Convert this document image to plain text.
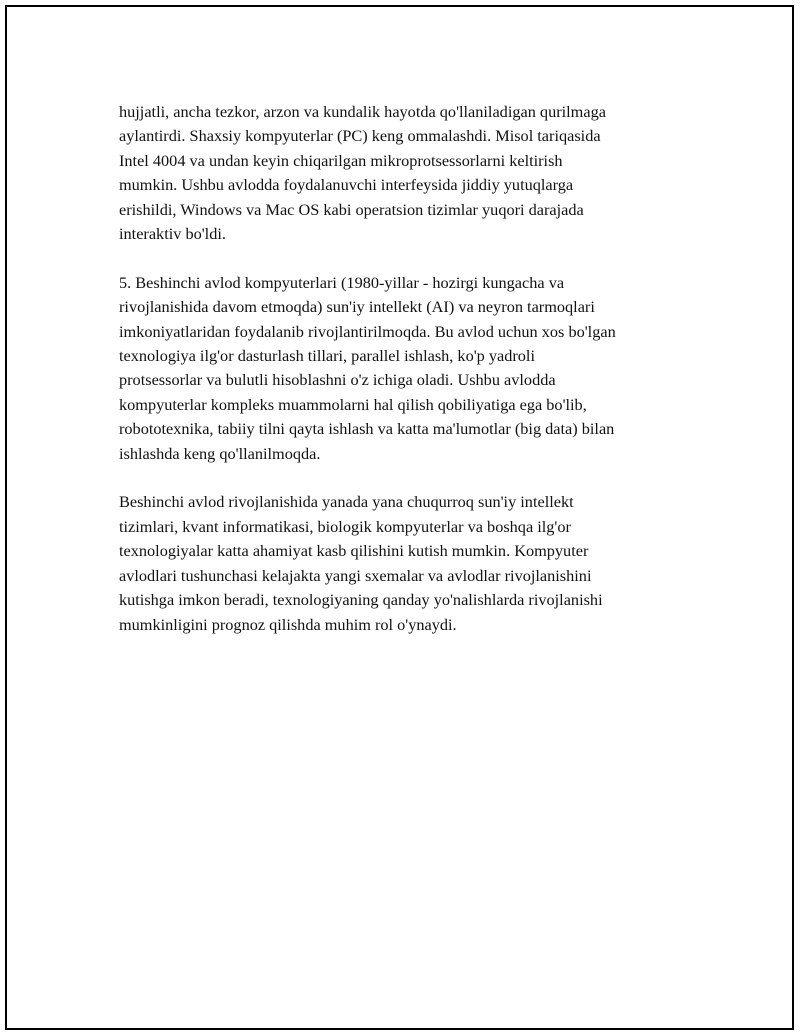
hujjatli, ancha tezkor, arzon va kundalik hayotda qo'llaniladigan qurilmaga
aylantirdi. Shaxsiy kompyuterlar (PC) keng ommalashdi. Misol tariqasida
Intel 4004 va undan keyin chiqarilgan mikroprotsessorlarni keltirish
mumkin. Ushbu avlodda foydalanuvchi interfeysida jiddiy yutuqlarga
erishildi, Windows va Mac OS kabi operatsion tizimlar yuqori darajada
interaktiv bo'ldi.

5. Beshinchi avlod kompyuterlari (1980-yillar - hozirgi kungacha va
rivojlanishida davom etmoqda) sun'iy intellekt (AI) va neyron tarmoqlari
imkoniyatlaridan foydalanib rivojlantirilmoqda. Bu avlod uchun xos bo'lgan
texnologiya ilg'or dasturlash tillari, parallel ishlash, ko'p yadroli
protsessorlar va bulutli hisoblashni o'z ichiga oladi. Ushbu avlodda
kompyuterlar kompleks muammolarni hal qilish qobiliyatiga ega bo'lib,
robototexnika, tabiiy tilni qayta ishlash va katta ma'lumotlar (big data) bilan
ishlashda keng qo'llanilmoqda.

Beshinchi avlod rivojlanishida yanada yana chuqurroq sun'iy intellekt
tizimlari, kvant informatikasi, biologik kompyuterlar va boshqa ilg'or
texnologiyalar katta ahamiyat kasb qilishini kutish mumkin. Kompyuter
avlodlari tushunchasi kelajakta yangi sxemalar va avlodlar rivojlanishini
kutishga imkon beradi, texnologiyaning qanday yo'nalishlarda rivojlanishi
mumkinligini prognoz qilishda muhim rol o'ynaydi.
